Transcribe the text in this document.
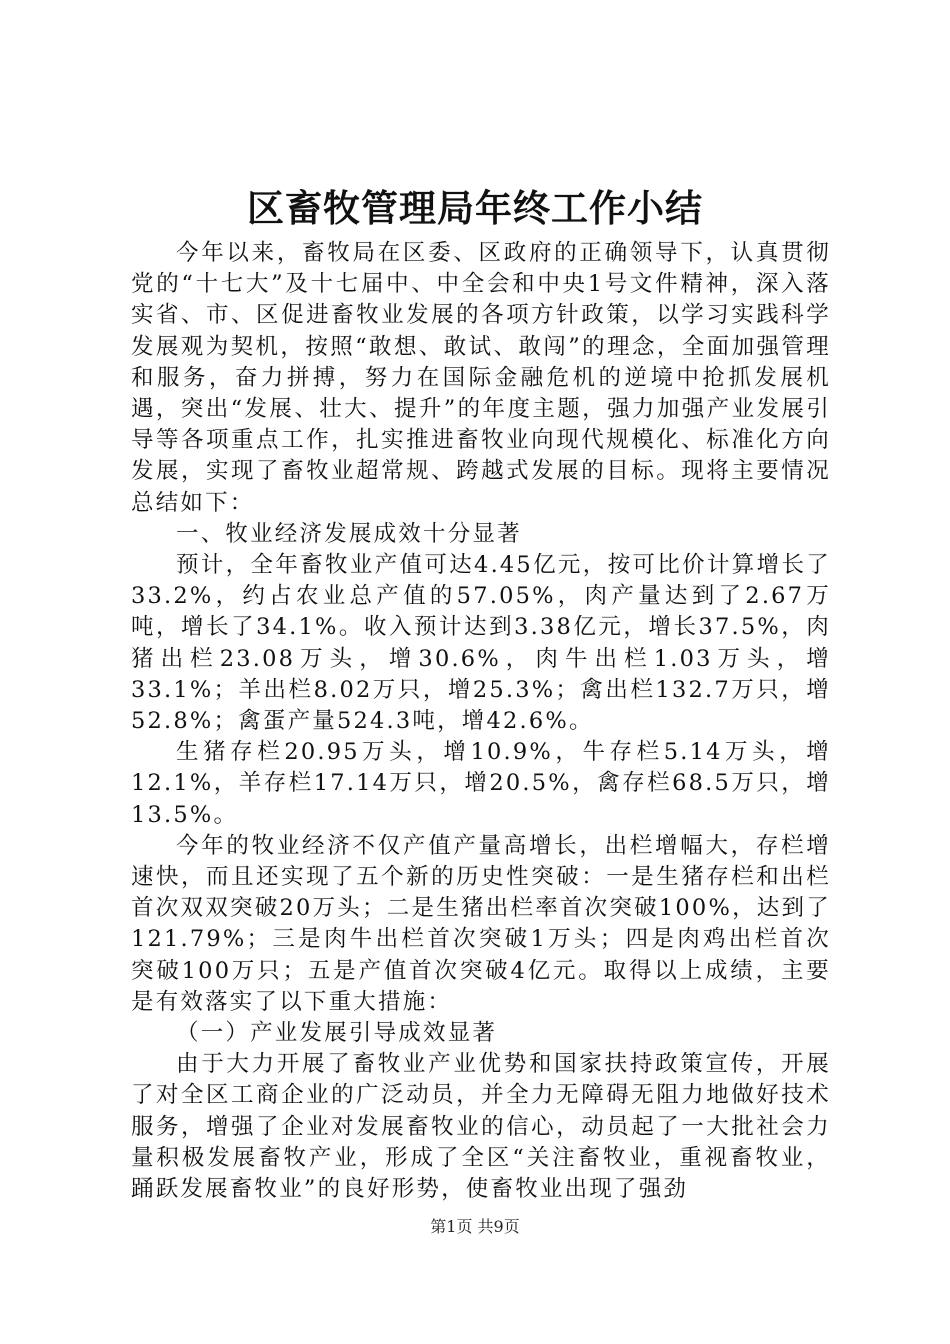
区畜牧管理局年终工作小结

今年以来，畜牧局在区委、区政府的正确领导下，认真贯彻党的“十七大”及十七届中、中全会和中央1号文件精神，深入落实省、市、区促进畜牧业发展的各项方针政策，以学习实践科学发展观为契机，按照“敢想、敢试、敢闯”的理念，全面加强管理和服务，奋力拼搏，努力在国际金融危机的逆境中抢抓发展机遇，突出“发展、壮大、提升”的年度主题，强力加强产业发展引导等各项重点工作，扎实推进畜牧业向现代规模化、标准化方向发展，实现了畜牧业超常规、跨越式发展的目标。现将主要情况总结如下：

一、牧业经济发展成效十分显著

预计，全年畜牧业产值可达4.45亿元，按可比价计算增长了33.2%，约占农业总产值的57.05%，肉产量达到了2.67万吨，增长了34.1%。收入预计达到3.38亿元，增长37.5%，肉猪出栏23.08万头，增30.6%，肉牛出栏1.03万头，增33.1%；羊出栏8.02万只，增25.3%；禽出栏132.7万只，增52.8%；禽蛋产量524.3吨，增42.6%。

生猪存栏20.95万头，增10.9%，牛存栏5.14万头，增12.1%，羊存栏17.14万只，增20.5%，禽存栏68.5万只，增13.5%。

今年的牧业经济不仅产值产量高增长，出栏增幅大，存栏增速快，而且还实现了五个新的历史性突破：一是生猪存栏和出栏首次双双突破20万头；二是生猪出栏率首次突破100%，达到了121.79%；三是肉牛出栏首次突破1万头；四是肉鸡出栏首次突破100万只；五是产值首次突破4亿元。取得以上成绩，主要是有效落实了以下重大措施：

（一）产业发展引导成效显著

由于大力开展了畜牧业产业优势和国家扶持政策宣传，开展了对全区工商企业的广泛动员，并全力无障碍无阻力地做好技术服务，增强了企业对发展畜牧业的信心，动员起了一大批社会力量积极发展畜牧产业，形成了全区“关注畜牧业，重视畜牧业，踊跃发展畜牧业”的良好形势，使畜牧业出现了强劲

第1页 共9页
